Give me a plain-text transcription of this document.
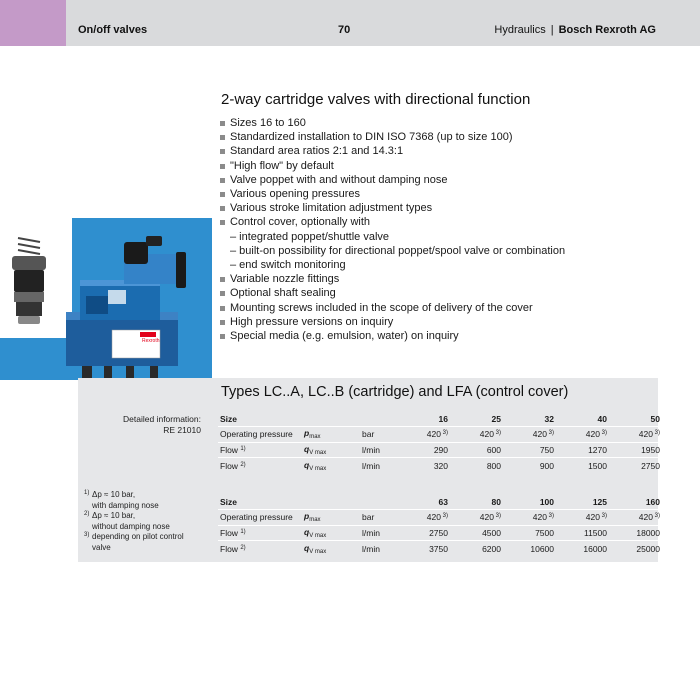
On/off valves	70	Hydraulics | Bosch Rexroth AG
2-way cartridge valves with directional function
Sizes 16 to 160
Standardized installation to DIN ISO 7368 (up to size 100)
Standard area ratios 2:1 and 14.3:1
"High flow" by default
Valve poppet with and without damping nose
Various opening pressures
Various stroke limitation adjustment types
Control cover, optionally with
– integrated poppet/shuttle valve
– built-on possibility for directional poppet/spool valve or combination
– end switch monitoring
Variable nozzle fittings
Optional shaft sealing
Mounting screws included in the scope of delivery of the cover
High pressure versions on inquiry
Special media (e.g. emulsion, water) on inquiry
Rexroth
Types LC..A, LC..B (cartridge) and LFA (control cover)
Detailed information:
RE 21010
1) Δp ≈ 10 bar,
with damping nose
2) Δp ≈ 10 bar,
without damping nose
3) depending on pilot control
valve
Size			16	25	32	40	50
Operating pressure	$p_{max}$	bar	420 $^{3)}$	420 $^{3)}$	420 $^{3)}$	420 $^{3)}$	420 $^{3)}$
Flow $^{1)}$	$q_{V max}$	l/min	290	600	750	1270	1950
Flow $^{2)}$	$q_{V max}$	l/min	320	800	900	1500	2750
Size			63	80	100	125	160
Operating pressure	$p_{max}$	bar	420 $^{3)}$	420 $^{3)}$	420 $^{3)}$	420 $^{3)}$	420 $^{3)}$
Flow $^{1)}$	$q_{V max}$	l/min	2750	4500	7500	11500	18000
Flow $^{2)}$	$q_{V max}$	l/min	3750	6200	10600	16000	25000
